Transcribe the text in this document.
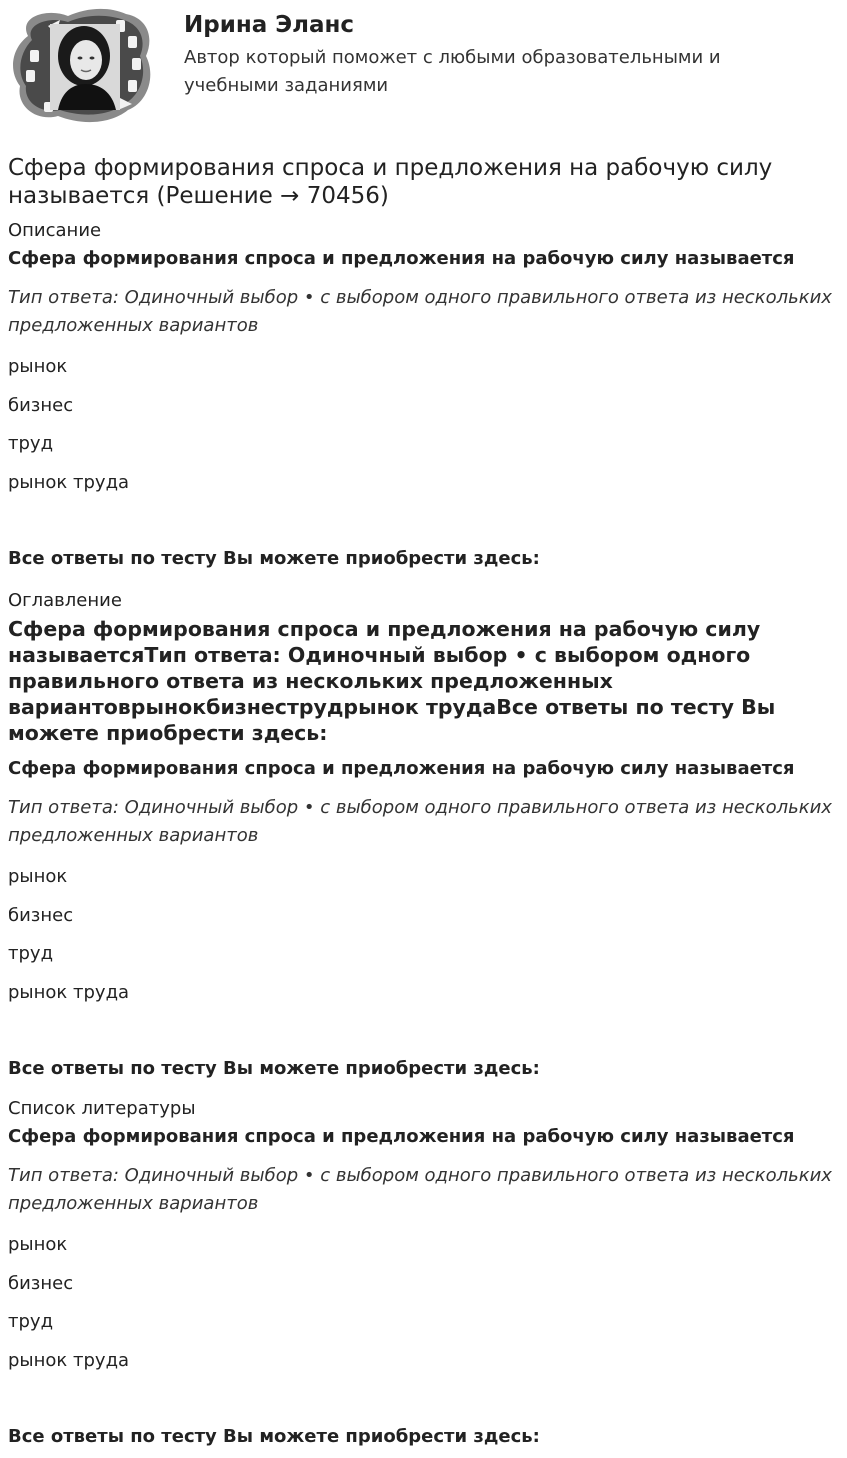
Ирина Эланс
Автор который поможет с любыми образовательными и учебными заданиями
Сфера формирования спроса и предложения на рабочую силу называется (Решение → 70456)
Описание
Сфера формирования спроса и предложения на рабочую силу называется
Тип ответа: Одиночный выбор • с выбором одного правильного ответа из нескольких предложенных вариантов
рынок
бизнес
труд
рынок труда
Все ответы по тесту Вы можете приобрести здесь:
Оглавление
Сфера формирования спроса и предложения на рабочую силу называетсяТип ответа: Одиночный выбор • с выбором одного правильного ответа из нескольких предложенных вариантоврынокбизнеструдрынок трудаВсе ответы по тесту Вы можете приобрести здесь:
Сфера формирования спроса и предложения на рабочую силу называется
Тип ответа: Одиночный выбор • с выбором одного правильного ответа из нескольких предложенных вариантов
рынок
бизнес
труд
рынок труда
Все ответы по тесту Вы можете приобрести здесь:
Список литературы
Сфера формирования спроса и предложения на рабочую силу называется
Тип ответа: Одиночный выбор • с выбором одного правильного ответа из нескольких предложенных вариантов
рынок
бизнес
труд
рынок труда
Все ответы по тесту Вы можете приобрести здесь:
